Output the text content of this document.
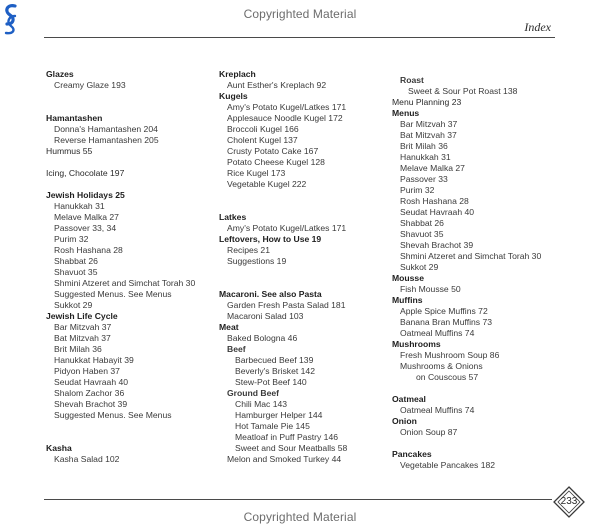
Copyrighted Material
Index
Glazes
Creamy Glaze 193
Hamantashen
Donna's Hamantashen 204
Reverse Hamantashen 205
Hummus 55
Icing, Chocolate 197
Jewish Holidays 25
Hanukkah 31
Melave Malka 27
Passover 33, 34
Purim 32
Rosh Hashana 28
Shabbat 26
Shavuot 35
Shmini Atzeret and Simchat Torah 30
Suggested Menus. See Menus
Sukkot 29
Jewish Life Cycle
Bar Mitzvah 37
Bat Mitzvah 37
Brit Milah 36
Hanukkat Habayit 39
Pidyon Haben 37
Seudat Havraah 40
Shalom Zachor 36
Shevah Brachot 39
Suggested Menus. See Menus
Kasha
Kasha Salad 102
Kreplach
Aunt Esther's Kreplach 92
Kugels
Amy's Potato Kugel/Latkes 171
Applesauce Noodle Kugel 172
Broccoli Kugel 166
Cholent Kugel 137
Crusty Potato Cake 167
Potato Cheese Kugel 128
Rice Kugel 173
Vegetable Kugel 222
Latkes
Amy's Potato Kugel/Latkes 171
Leftovers, How to Use 19
Recipes 21
Suggestions 19
Macaroni. See also Pasta
Garden Fresh Pasta Salad 181
Macaroni Salad 103
Meat
Baked Bologna 46
Beef
Barbecued Beef 139
Beverly's Brisket 142
Stew-Pot Beef 140
Ground Beef
Chili Mac 143
Hamburger Helper 144
Hot Tamale Pie 145
Meatloaf in Puff Pastry 146
Sweet and Sour Meatballs 58
Melon and Smoked Turkey 44
Roast
Sweet & Sour Pot Roast 138
Menu Planning 23
Menus
Bar Mitzvah 37
Bat Mitzvah 37
Brit Milah 36
Hanukkah 31
Melave Malka 27
Passover 33
Purim 32
Rosh Hashana 28
Seudat Havraah 40
Shabbat 26
Shavuot 35
Shevah Brachot 39
Shmini Atzeret and Simchat Torah 30
Sukkot 29
Mousse
Fish Mousse 50
Muffins
Apple Spice Muffins 72
Banana Bran Muffins 73
Oatmeal Muffins 74
Mushrooms
Fresh Mushroom Soup 86
Mushrooms & Onions
on Couscous 57
Oatmeal
Oatmeal Muffins 74
Onion
Onion Soup 87
Pancakes
Vegetable Pancakes 182
233
Copyrighted Material
